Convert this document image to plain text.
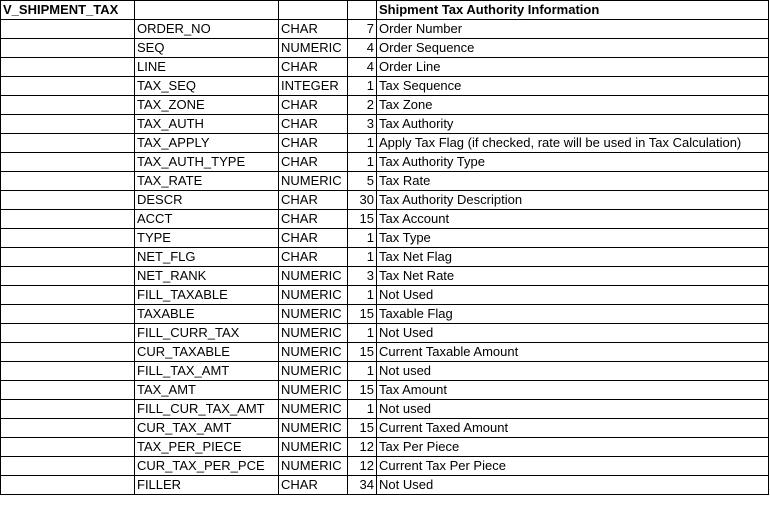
V_SHIPMENT_TAX				Shipment Tax Authority Information
	ORDER_NO	CHAR	7	Order Number
	SEQ	NUMERIC	4	Order Sequence
	LINE	CHAR	4	Order Line
	TAX_SEQ	INTEGER	1	Tax Sequence
	TAX_ZONE	CHAR	2	Tax Zone
	TAX_AUTH	CHAR	3	Tax Authority
	TAX_APPLY	CHAR	1	Apply Tax Flag (if checked, rate will be used in Tax Calculation)
	TAX_AUTH_TYPE	CHAR	1	Tax Authority Type
	TAX_RATE	NUMERIC	5	Tax Rate
	DESCR	CHAR	30	Tax Authority Description
	ACCT	CHAR	15	Tax Account
	TYPE	CHAR	1	Tax Type
	NET_FLG	CHAR	1	Tax Net Flag
	NET_RANK	NUMERIC	3	Tax Net Rate
	FILL_TAXABLE	NUMERIC	1	Not Used
	TAXABLE	NUMERIC	15	Taxable Flag
	FILL_CURR_TAX	NUMERIC	1	Not Used
	CUR_TAXABLE	NUMERIC	15	Current Taxable Amount
	FILL_TAX_AMT	NUMERIC	1	Not used
	TAX_AMT	NUMERIC	15	Tax Amount
	FILL_CUR_TAX_AMT	NUMERIC	1	Not used
	CUR_TAX_AMT	NUMERIC	15	Current Taxed Amount
	TAX_PER_PIECE	NUMERIC	12	Tax Per Piece
	CUR_TAX_PER_PCE	NUMERIC	12	Current Tax Per Piece
	FILLER	CHAR	34	Not Used
